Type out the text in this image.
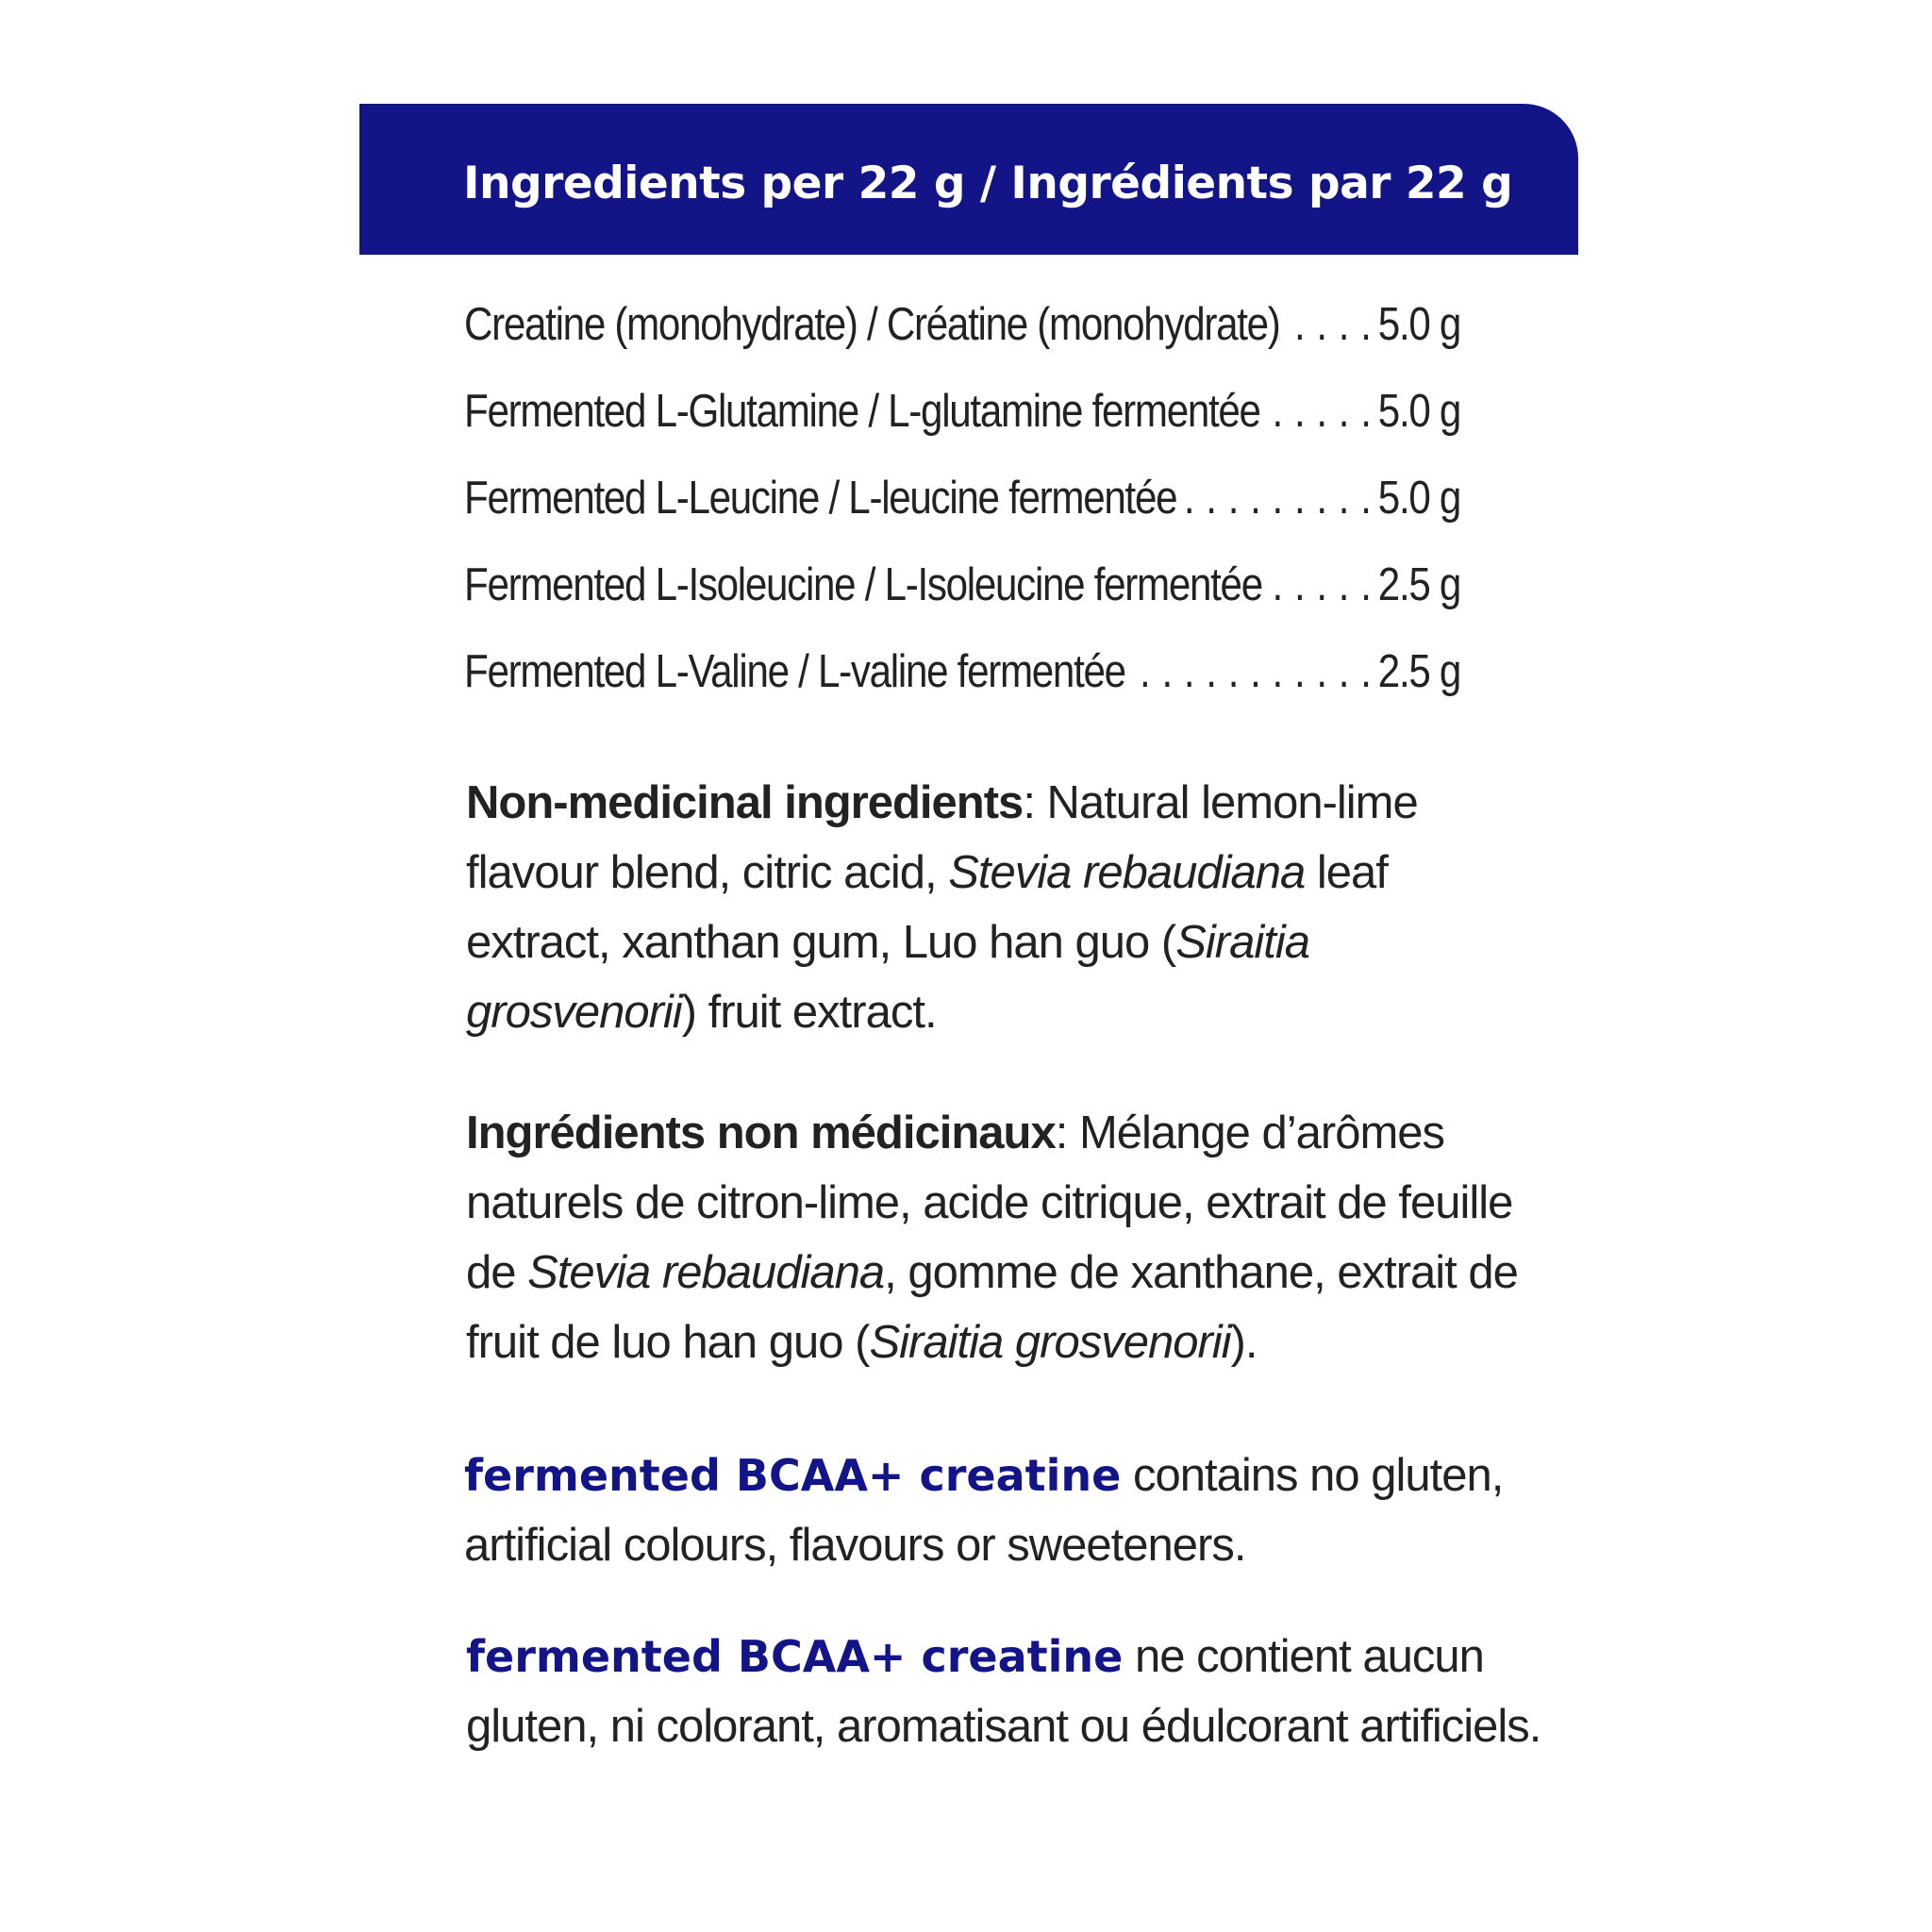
Ingredients per 22 g / Ingrédients par 22 g
Creatine (monohydrate) / Créatine (monohydrate) . . . 5.0 g
Fermented L-Glutamine / L-glutamine fermentée . . .	5.0 g
Fermented L-Leucine / L-leucine fermentée . . .	5.0 g
Fermented L-Isoleucine / L-Isoleucine fermentée . . .	2.5 g
Fermented L-Valine / L-valine fermentée . . .	2.5 g

Non-medicinal ingredients: Natural lemon-lime flavour blend, citric acid, Stevia rebaudiana leaf extract, xanthan gum, Luo han guo (Siraitia grosvenorii) fruit extract.

Ingrédients non médicinaux: Mélange d’arômes naturels de citron-lime, acide citrique, extrait de feuille de Stevia rebaudiana, gomme de xanthane, extrait de fruit de luo han guo (Siraitia grosvenorii).

fermented BCAA+ creatine contains no gluten, artificial colours, flavours or sweeteners.

fermented BCAA+ creatine ne contient aucun gluten, ni colorant, aromatisant ou édulcorant artificiels.
